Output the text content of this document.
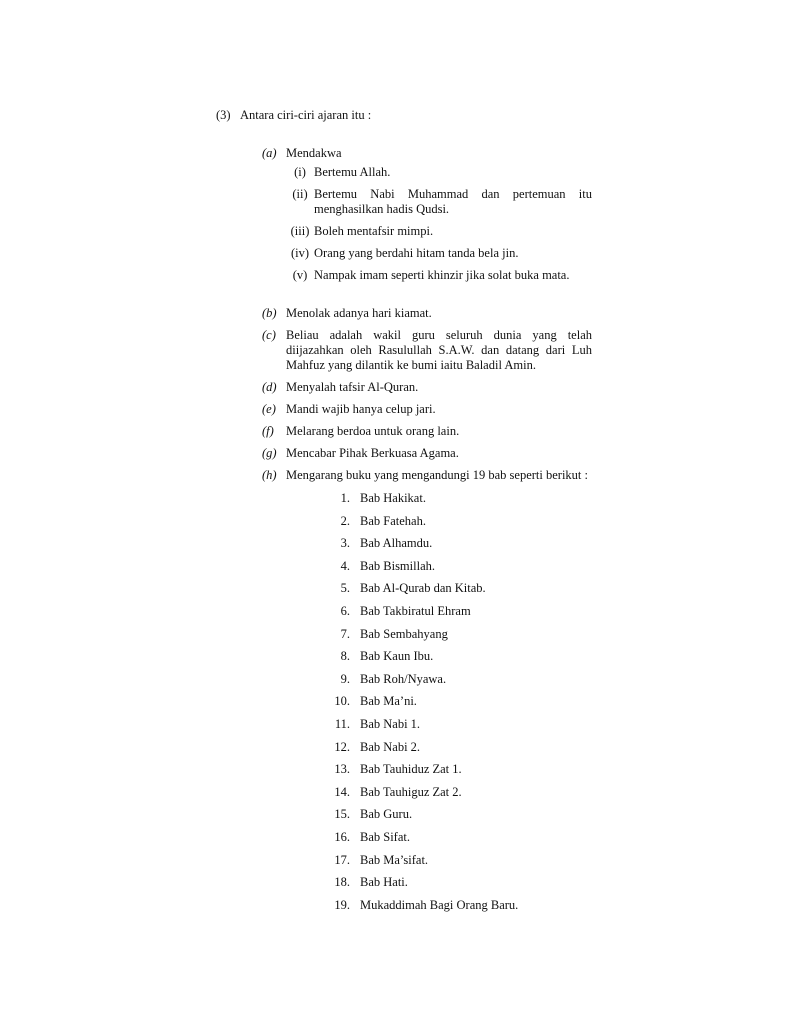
(3) Antara ciri-ciri ajaran itu :
(a) Mendakwa
(i) Bertemu Allah.
(ii) Bertemu Nabi Muhammad dan pertemuan itu menghasilkan hadis Qudsi.
(iii) Boleh mentafsir mimpi.
(iv) Orang yang berdahi hitam tanda bela jin.
(v) Nampak imam seperti khinzir jika solat buka mata.
(b) Menolak adanya hari kiamat.
(c) Beliau adalah wakil guru seluruh dunia yang telah diijazahkan oleh Rasulullah S.A.W. dan datang dari Luh Mahfuz yang dilantik ke bumi iaitu Baladil Amin.
(d) Menyalah tafsir Al-Quran.
(e) Mandi wajib hanya celup jari.
(f) Melarang berdoa untuk orang lain.
(g) Mencabar Pihak Berkuasa Agama.
(h) Mengarang buku yang mengandungi 19 bab seperti berikut :
1. Bab Hakikat.
2. Bab Fatehah.
3. Bab Alhamdu.
4. Bab Bismillah.
5. Bab Al-Qurab dan Kitab.
6. Bab Takbiratul Ehram
7. Bab Sembahyang
8. Bab Kaun Ibu.
9. Bab Roh/Nyawa.
10. Bab Ma’ni.
11. Bab Nabi 1.
12. Bab Nabi 2.
13. Bab Tauhiduz Zat 1.
14. Bab Tauhiguz Zat 2.
15. Bab Guru.
16. Bab Sifat.
17. Bab Ma’sifat.
18. Bab Hati.
19. Mukaddimah Bagi Orang Baru.
